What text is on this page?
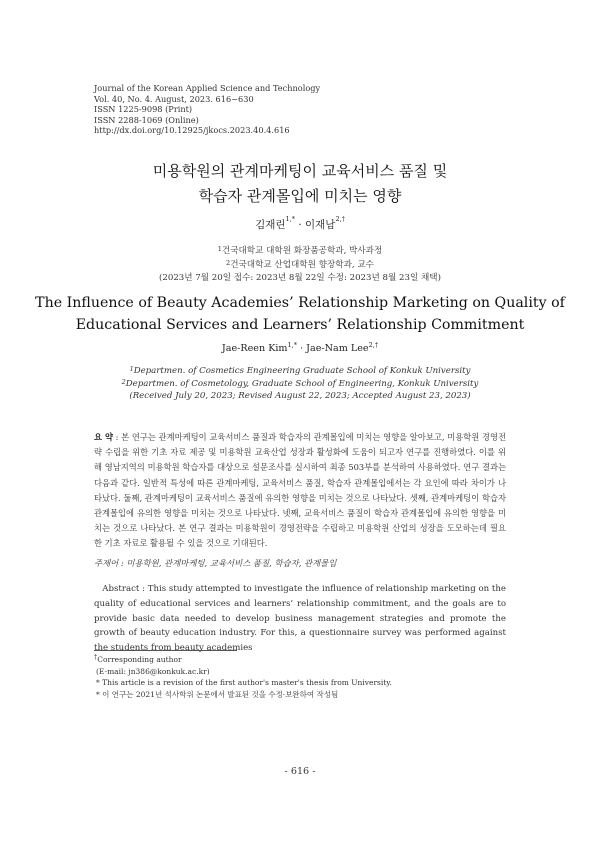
Journal of the Korean Applied Science and Technology
Vol. 40, No. 4. August, 2023. 616~630
ISSN 1225-9098 (Print)
ISSN 2288-1069 (Online)
http://dx.doi.org/10.12925/jkocs.2023.40.4.616
미용학원의 관계마케팅이 교육서비스 품질 및
학습자 관계몰입에 미치는 영향
김재린$^{1,*}$ · 이재남$^{2,\dagger}$
$^1$건국대학교 대학원 화장품공학과, 박사과정
$^2$건국대학교 산업대학원 향장학과, 교수
(2023년 7월 20일 접수: 2023년 8월 22일 수정: 2023년 8월 23일 채택)
The Influence of Beauty Academies’ Relationship Marketing on Quality of
Educational Services and Learners’ Relationship Commitment
Jae-Reen Kim$^{1,*}$ · Jae-Nam Lee$^{2,\dagger}$
$^1$Departmen. of Cosmetics Engineering Graduate School of Konkuk University
$^2$Departmen. of Cosmetology, Graduate School of Engineering, Konkuk University
(Received July 20, 2023; Revised August 22, 2023; Accepted August 23, 2023)
요 약 : 본 연구는 관계마케팅이 교육서비스 품질과 학습자의 관계몰입에 미치는 영향을 알아보고, 미용학원 경영전략 수립을 위한 기초 자료 제공 및 미용학원 교육산업 성장과 활성화에 도움이 되고자 연구를 진행하였다. 이를 위해 영남지역의 미용학원 학습자를 대상으로 설문조사를 실시하여 최종 503부를 분석하여 사용하였다. 연구 결과는 다음과 같다. 일반적 특성에 따른 관계마케팅, 교육서비스 품질, 학습자 관계몰입에서는 각 요인에 따라 차이가 나타났다. 둘째, 관계마케팅이 교육서비스 품질에 유의한 영향을 미치는 것으로 나타났다. 셋째, 관계마케팅이 학습자 관계몰입에 유의한 영향을 미치는 것으로 나타났다. 넷째, 교육서비스 품질이 학습자 관계몰입에 유의한 영향을 미치는 것으로 나타났다. 본 연구 결과는 미용학원이 경영전략을 수립하고 미용학원 산업의 성장을 도모하는데 필요한 기초 자료로 활용될 수 있을 것으로 기대된다.
주제어 : 미용학원, 관계마케팅, 교육서비스 품질, 학습자, 관계몰입
Abstract : This study attempted to investigate the influence of relationship marketing on the quality of educational services and learners’ relationship commitment, and the goals are to provide basic data needed to develop business management strategies and promote the growth of beauty education industry. For this, a questionnaire survey was performed against the students from beauty academies
†Corresponding author
(E-mail: jn386@konkuk.ac.kr)
* This article is a revision of the first author's master's thesis from University.
* 이 연구는 2021년 석사학위 논문에서 발표된 것을 수정·보완하여 작성됨
- 616 -
